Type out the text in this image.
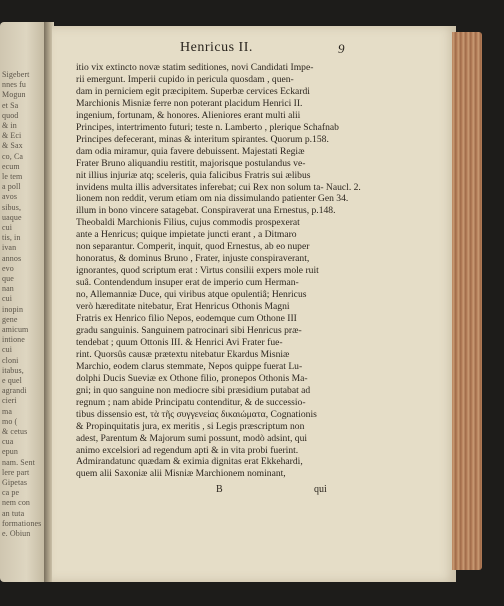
Sigebert
nnes fu
Mogun
et Sa
quod
& in
& Eci
& Sax
co, Ca
ecum
le tem
a poll
avos
sibus,
uaque
cui
tis, in
ivan
annos
evo
que
nan
cui
inopin
gene
amicum
intione
cui
cloni
itabus,
e quel
agrandi
cieri
ma
mo (
& cetus
cua
epun
nam. Sent
lere part
Gipetas
ca pe
nem con
an tuta
formationes
e. Obiun
Henricus II.	9
itio vix extincto novæ statim seditiones, novi Candidati Impe-
rii emergunt. Imperii cupido in pericula quosdam , quen-
dam in perniciem egit præcipitem. Superbæ cervices Eckardi
Marchionis Misniæ ferre non poterant placidum Henrici II.
ingenium, fortunam, & honores. Alieniores erant multi alii
Principes, intertrimento futuri; teste n. Lamberto , plerique Schafnab
Principes defecerant, minas & interitum spirantes. Quorum p.158.
dam odia miramur, quia favere debuissent. Majestati Regiæ
Frater Bruno aliquandiu restitit, majorisque postulandus ve-
nit illius injuriæ atq; sceleris, quia falicibus Fratris sui ælibus
invidens multa illis adversitates inferebat; cui Rex non solum ta- Naucl. 2.
lionem non reddit, verum etiam om nia dissimulando patienter Gen 34.
illum in bono vincere satagebat. Conspiraverat una Ernestus, p.148.
Theobaldi Marchionis Filius, cujus commodis prospexerat
ante a Henricus; quique impietate juncti erant , a Ditmaro
non separantur. Comperit, inquit, quod Ernestus, ab eo nuper
honoratus, & dominus Bruno , Frater, injuste conspiraverant,
ignorantes, quod scriptum erat : Virtus consilii expers mole ruit
suâ. Contendendum insuper erat de imperio cum Herman-
no, Allemanniæ Duce, qui viribus atque opulentiâ; Henricus
verò hæreditate nitebatur, Erat Henricus Othonis Magni
Fratris ex Henrico filio Nepos, eodemque cum Othone III
gradu sanguinis. Sanguinem patrocinari sibi Henricus præ-
tendebat ; quum Ottonis III. & Henrici Avi Frater fue-
rint. Quorsûs causæ prætextu nitebatur Ekardus Misniæ
Marchio, eodem clarus stemmate, Nepos quippe fuerat Lu-
dolphi Ducis Sueviæ ex Othone filio, pronepos Othonis Ma-
gni; in quo sanguine non mediocre sibi præsidium putabat ad
regnum ; nam abide Principatu contenditur, & de successio-
tibus dissensio est, τὰ τῆς συγγενείας δικαιώματα, Cognationis
& Propinquitatis jura, ex meritis , si Legis præscriptum non
adest, Parentum & Majorum sumi possunt, modò adsint, qui
animo excelsiori ad regendum apti & in vita probi fuerint.
Admirandatunc quædam & eximia dignitas erat Ekkehardi,
quem alii Saxoniæ alii Misniæ Marchionem nominant,
B	qui
